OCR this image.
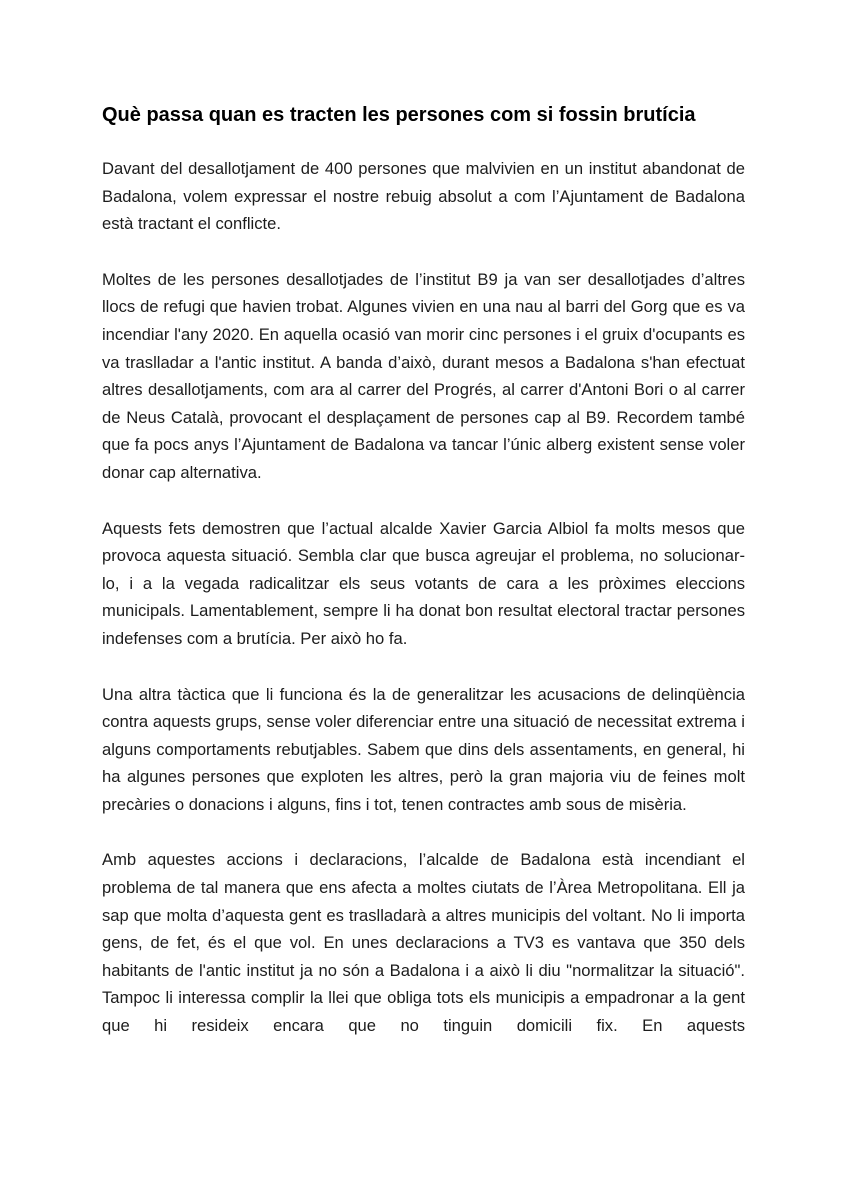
Què passa quan es tracten les persones com si fossin brutícia

Davant del desallotjament de 400 persones que malvivien en un institut abandonat de Badalona, volem expressar el nostre rebuig absolut a com l’Ajuntament de Badalona està tractant el conflicte.

Moltes de les persones desallotjades de l’institut B9 ja van ser desallotjades d’altres llocs de refugi que havien trobat. Algunes vivien en una nau al barri del Gorg que es va incendiar l'any 2020. En aquella ocasió van morir cinc persones i el gruix d'ocupants es va traslladar a l'antic institut. A banda d’això, durant mesos a Badalona s'han efectuat altres desallotjaments, com ara al carrer del Progrés, al carrer d'Antoni Bori o al carrer de Neus Català, provocant el desplaçament de persones cap al B9. Recordem també que fa pocs anys l’Ajuntament de Badalona va tancar l’únic alberg existent sense voler donar cap alternativa.

Aquests fets demostren que l’actual alcalde Xavier Garcia Albiol fa molts mesos que provoca aquesta situació. Sembla clar que busca agreujar el problema, no solucionar-lo, i a la vegada radicalitzar els seus votants de cara a les pròximes eleccions municipals. Lamentablement, sempre li ha donat bon resultat electoral tractar persones indefenses com a brutícia. Per això ho fa.

Una altra tàctica que li funciona és la de generalitzar les acusacions de delinqüència contra aquests grups, sense voler diferenciar entre una situació de necessitat extrema i alguns comportaments rebutjables. Sabem que dins dels assentaments, en general, hi ha algunes persones que exploten les altres, però la gran majoria viu de feines molt precàries o donacions i alguns, fins i tot, tenen contractes amb sous de misèria.

Amb aquestes accions i declaracions, l’alcalde de Badalona està incendiant el problema de tal manera que ens afecta a moltes ciutats de l’Àrea Metropolitana. Ell ja sap que molta d’aquesta gent es traslladarà a altres municipis del voltant. No li importa gens, de fet, és el que vol. En unes declaracions a TV3 es vantava que 350 dels habitants de l'antic institut ja no són a Badalona i a això li diu "normalitzar la situació". Tampoc li interessa complir la llei que obliga tots els municipis a empadronar a la gent que hi resideix encara que no tinguin domicili fix. En aquests
